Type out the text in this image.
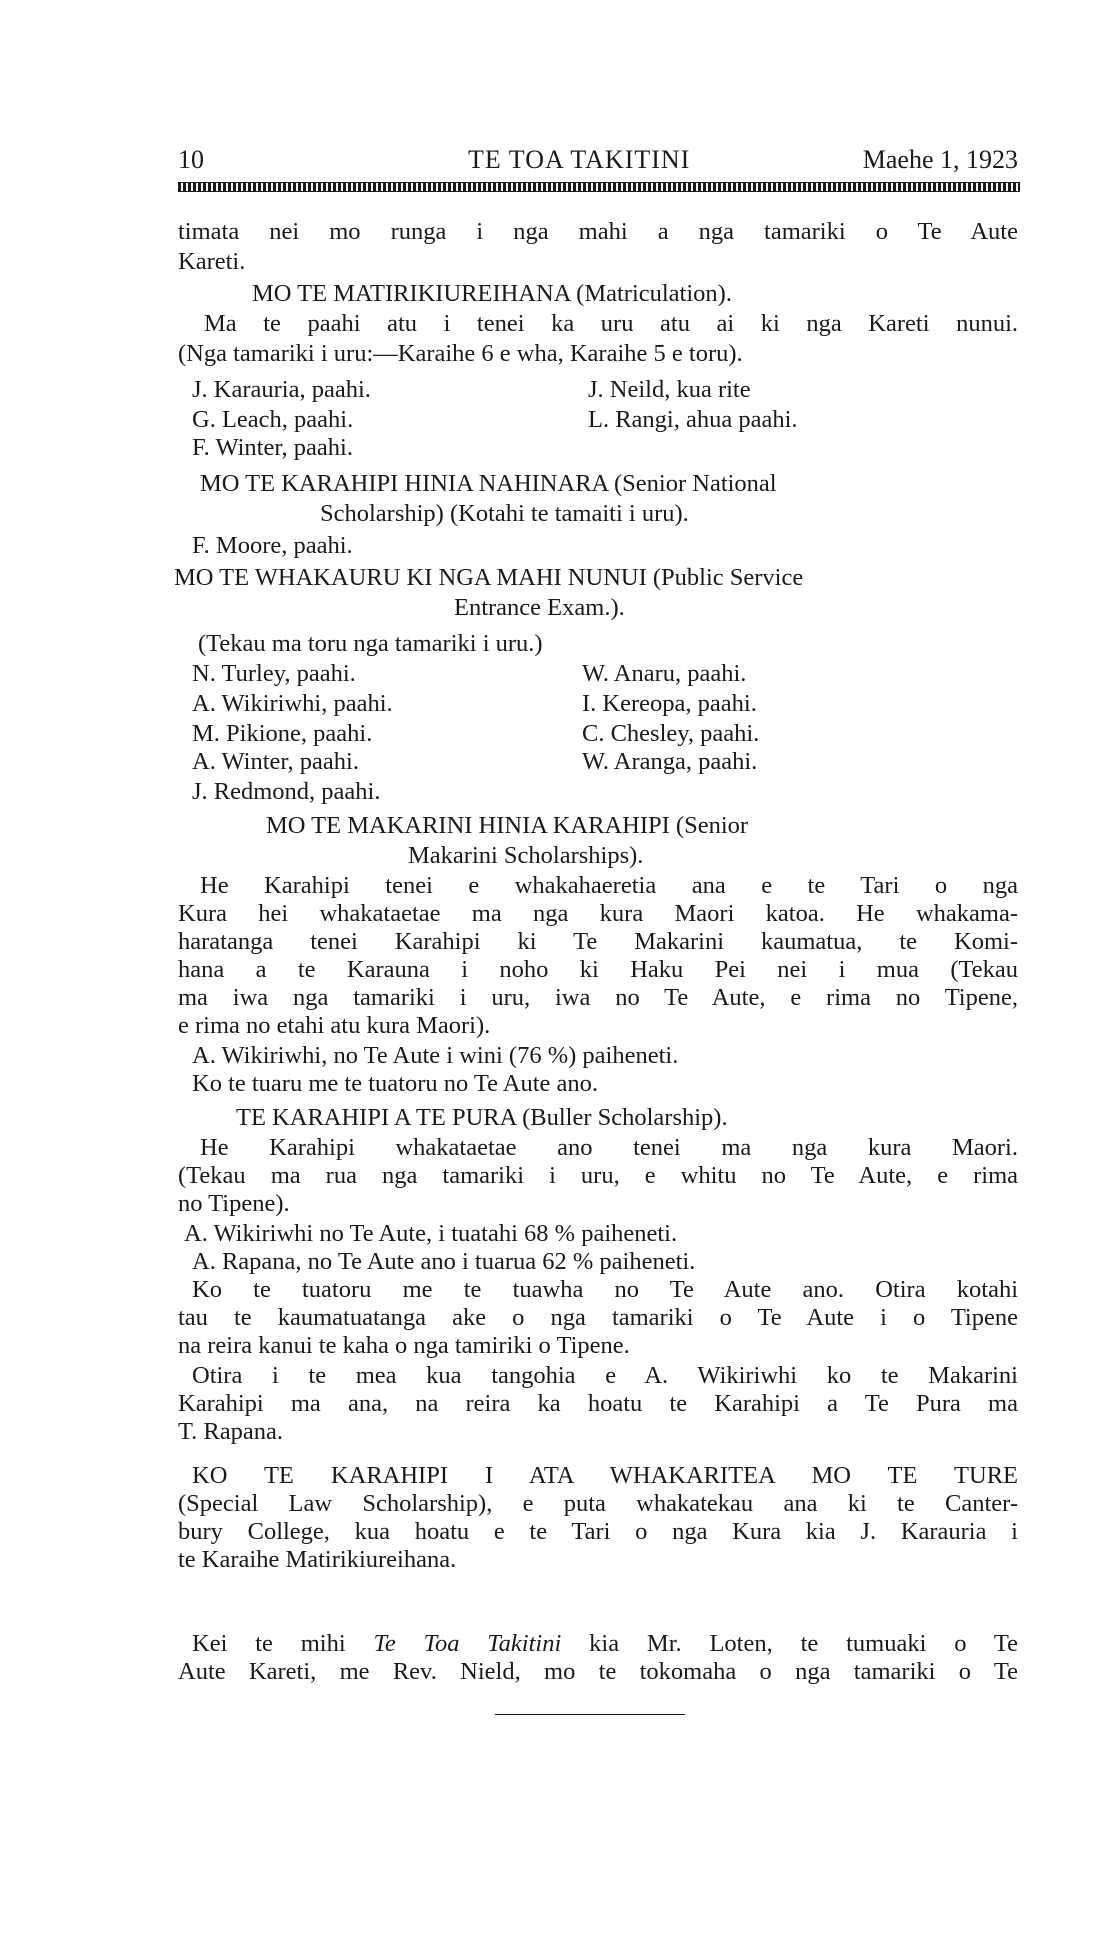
10	TE TOA TAKITINI	Maehe 1, 1923
timata nei mo runga i nga mahi a nga tamariki o Te Aute
Kareti.
MO TE MATIRIKIUREIHANA (Matriculation).
Ma te paahi atu i tenei ka uru atu ai ki nga Kareti nunui.
(Nga tamariki i uru:—Karaihe 6 e wha, Karaihe 5 e toru).
J. Karauria, paahi.	J. Neild, kua rite
G. Leach, paahi.	L. Rangi, ahua paahi.
F. Winter, paahi.
MO TE KARAHIPI HINIA NAHINARA (Senior National
Scholarship) (Kotahi te tamaiti i uru).
F. Moore, paahi.
MO TE WHAKAURU KI NGA MAHI NUNUI (Public Service
Entrance Exam.).
(Tekau ma toru nga tamariki i uru.)
N. Turley, paahi.	W. Anaru, paahi.
A. Wikiriwhi, paahi.	I. Kereopa, paahi.
M. Pikione, paahi.	C. Chesley, paahi.
A. Winter, paahi.	W. Aranga, paahi.
J. Redmond, paahi.
MO TE MAKARINI HINIA KARAHIPI (Senior
Makarini Scholarships).
He Karahipi tenei e whakahaeretia ana e te Tari o nga
Kura hei whakataetae ma nga kura Maori katoa. He whakama-
haratanga tenei Karahipi ki Te Makarini kaumatua, te Komi-
hana a te Karauna i noho ki Haku Pei nei i mua (Tekau
ma iwa nga tamariki i uru, iwa no Te Aute, e rima no Tipene,
e rima no etahi atu kura Maori).
A. Wikiriwhi, no Te Aute i wini (76 %) paiheneti.
Ko te tuaru me te tuatoru no Te Aute ano.
TE KARAHIPI A TE PURA (Buller Scholarship).
He Karahipi whakataetae ano tenei ma nga kura Maori.
(Tekau ma rua nga tamariki i uru, e whitu no Te Aute, e rima
no Tipene).
A. Wikiriwhi no Te Aute, i tuatahi 68 % paiheneti.
A. Rapana, no Te Aute ano i tuarua 62 % paiheneti.
Ko te tuatoru me te tuawha no Te Aute ano. Otira kotahi
tau te kaumatuatanga ake o nga tamariki o Te Aute i o Tipene
na reira kanui te kaha o nga tamiriki o Tipene.
Otira i te mea kua tangohia e A. Wikiriwhi ko te Makarini
Karahipi ma ana, na reira ka hoatu te Karahipi a Te Pura ma
T. Rapana.
KO TE KARAHIPI I ATA WHAKARITEA MO TE TURE
(Special Law Scholarship), e puta whakatekau ana ki te Canter-
bury College, kua hoatu e te Tari o nga Kura kia J. Karauria i
te Karaihe Matirikiureihana.
Kei te mihi Te Toa Takitini kia Mr. Loten, te tumuaki o Te
Aute Kareti, me Rev. Nield, mo te tokomaha o nga tamariki o Te
